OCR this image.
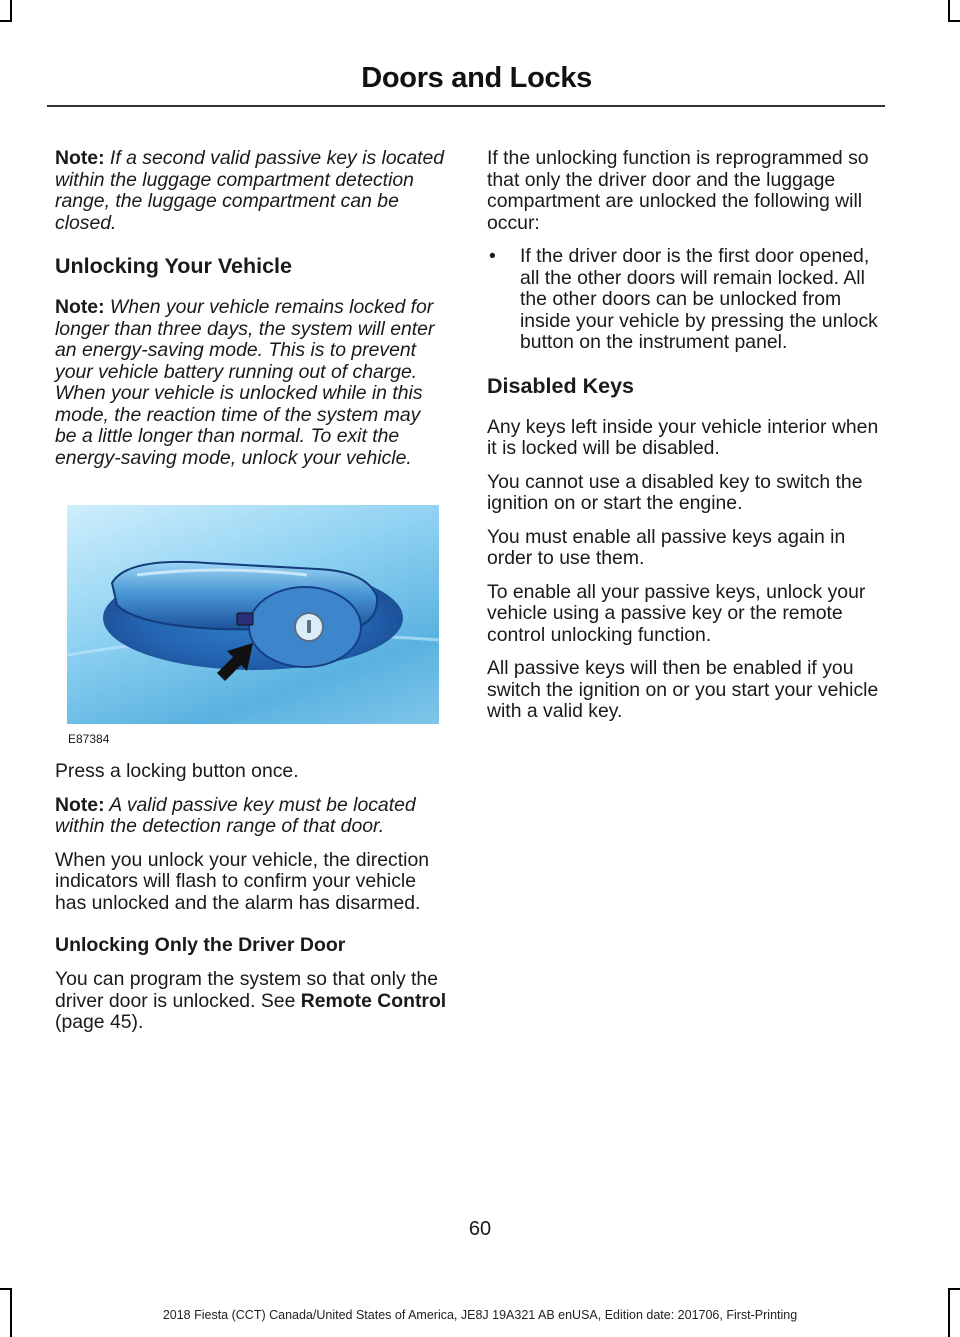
Doors and Locks

Note: If a second valid passive key is located within the luggage compartment detection range, the luggage compartment can be closed.

Unlocking Your Vehicle

Note: When your vehicle remains locked for longer than three days, the system will enter an energy-saving mode. This is to prevent your vehicle battery running out of charge. When your vehicle is unlocked while in this mode, the reaction time of the system may be a little longer than normal. To exit the energy-saving mode, unlock your vehicle.

E87384

Press a locking button once.

Note: A valid passive key must be located within the detection range of that door.

When you unlock your vehicle, the direction indicators will flash to confirm your vehicle has unlocked and the alarm has disarmed.

Unlocking Only the Driver Door

You can program the system so that only the driver door is unlocked. See Remote Control (page 45).

If the unlocking function is reprogrammed so that only the driver door and the luggage compartment are unlocked the following will occur:

• If the driver door is the first door opened, all the other doors will remain locked. All the other doors can be unlocked from inside your vehicle by pressing the unlock button on the instrument panel.
Disabled Keys

Any keys left inside your vehicle interior when it is locked will be disabled.

You cannot use a disabled key to switch the ignition on or start the engine.

You must enable all passive keys again in order to use them.

To enable all your passive keys, unlock your vehicle using a passive key or the remote control unlocking function.

All passive keys will then be enabled if you switch the ignition on or you start your vehicle with a valid key.

60
2018 Fiesta (CCT) Canada/United States of America, JE8J 19A321 AB enUSA, Edition date: 201706, First-Printing
